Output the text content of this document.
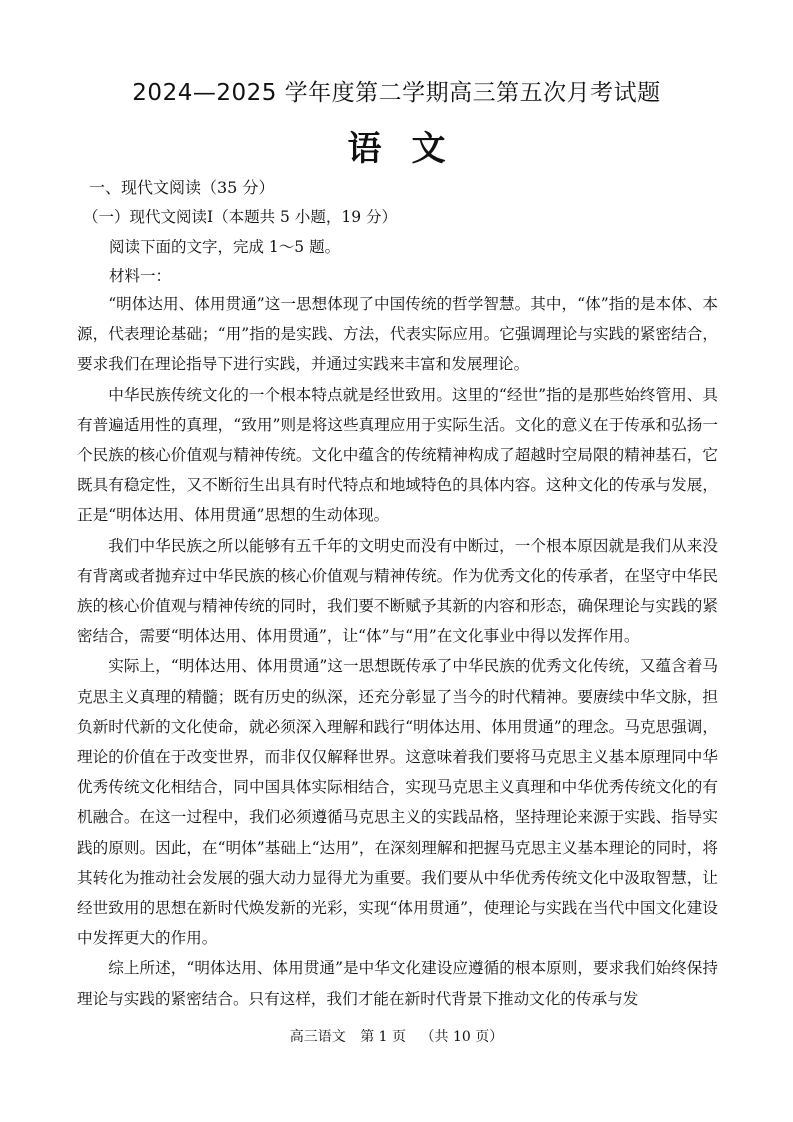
2024—2025 学年度第二学期高三第五次月考试题
语文

一、现代文阅读（35 分）

（一）现代文阅读Ⅰ（本题共 5 小题，19 分）

阅读下面的文字，完成 1～5 题。

材料一：

“明体达用、体用贯通”这一思想体现了中国传统的哲学智慧。其中，“体”指的是本体、本源，代表理论基础；“用”指的是实践、方法，代表实际应用。它强调理论与实践的紧密结合，要求我们在理论指导下进行实践，并通过实践来丰富和发展理论。

中华民族传统文化的一个根本特点就是经世致用。这里的“经世”指的是那些始终管用、具有普遍适用性的真理，“致用”则是将这些真理应用于实际生活。文化的意义在于传承和弘扬一个民族的核心价值观与精神传统。文化中蕴含的传统精神构成了超越时空局限的精神基石，它既具有稳定性，又不断衍生出具有时代特点和地域特色的具体内容。这种文化的传承与发展，正是“明体达用、体用贯通”思想的生动体现。

我们中华民族之所以能够有五千年的文明史而没有中断过，一个根本原因就是我们从来没有背离或者抛弃过中华民族的核心价值观与精神传统。作为优秀文化的传承者，在坚守中华民族的核心价值观与精神传统的同时，我们要不断赋予其新的内容和形态，确保理论与实践的紧密结合，需要“明体达用、体用贯通”，让“体”与“用”在文化事业中得以发挥作用。

实际上，“明体达用、体用贯通”这一思想既传承了中华民族的优秀文化传统，又蕴含着马克思主义真理的精髓；既有历史的纵深，还充分彰显了当今的时代精神。要赓续中华文脉，担负新时代新的文化使命，就必须深入理解和践行“明体达用、体用贯通”的理念。马克思强调，理论的价值在于改变世界，而非仅仅解释世界。这意味着我们要将马克思主义基本原理同中华优秀传统文化相结合，同中国具体实际相结合，实现马克思主义真理和中华优秀传统文化的有机融合。在这一过程中，我们必须遵循马克思主义的实践品格，坚持理论来源于实践、指导实践的原则。因此，在“明体”基础上“达用”，在深刻理解和把握马克思主义基本理论的同时，将其转化为推动社会发展的强大动力显得尤为重要。我们要从中华优秀传统文化中汲取智慧，让经世致用的思想在新时代焕发新的光彩，实现“体用贯通”，使理论与实践在当代中国文化建设中发挥更大的作用。

综上所述，“明体达用、体用贯通”是中华文化建设应遵循的根本原则，要求我们始终保持理论与实践的紧密结合。只有这样，我们才能在新时代背景下推动文化的传承与发

高三语文 第 1 页 （共 10 页）
